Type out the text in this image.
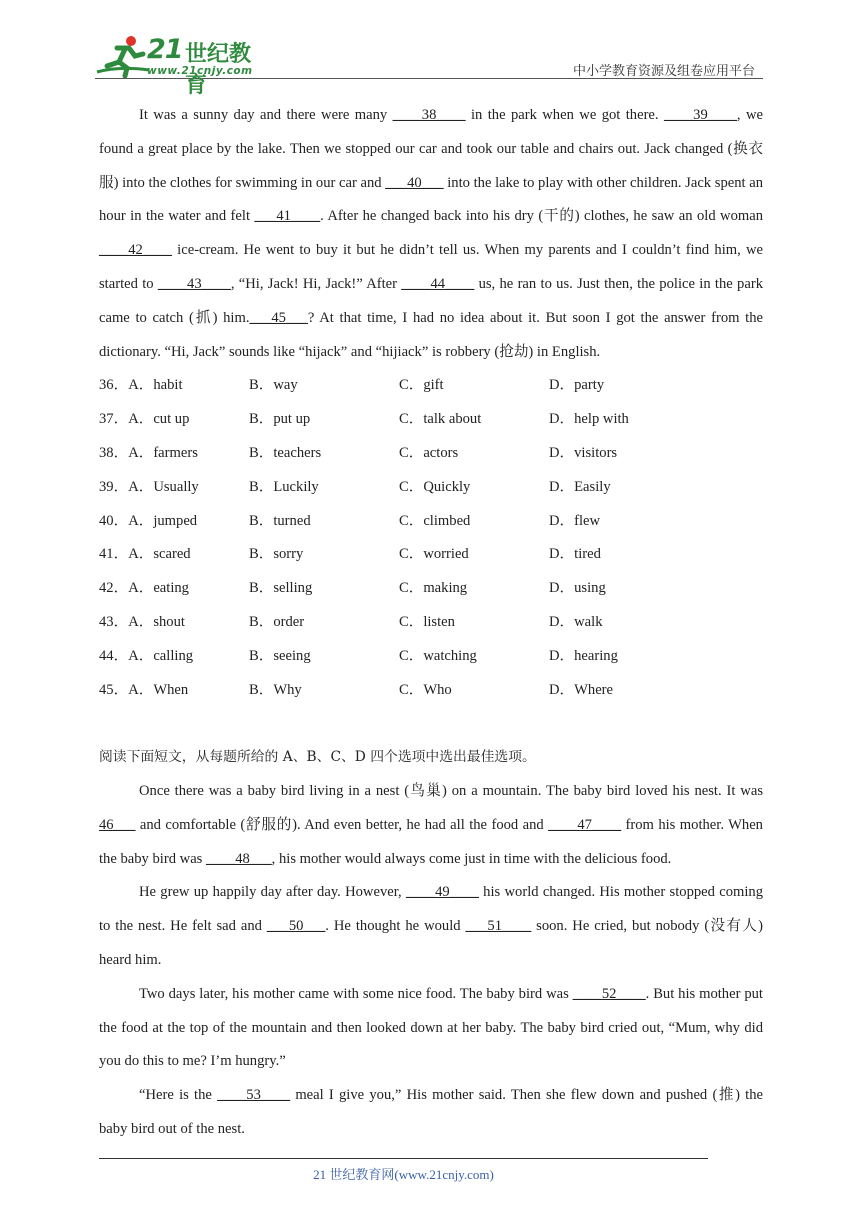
21 世纪教育
www.21cnjy.com	中小学教育资源及组卷应用平台

It was a sunny day and there were many ____38____ in the park when we got there. ____39____, we found a great place by the lake. Then we stopped our car and took our table and chairs out. Jack changed (换衣服) into the clothes for swimming in our car and ___40___ into the lake to play with other children. Jack spent an hour in the water and felt ___41____. After he changed back into his dry (干的) clothes, he saw an old woman ____42____ ice-cream. He went to buy it but he didn’t tell us. When my parents and I couldn’t find him, we started to ____43____, “Hi, Jack! Hi, Jack!” After ____44____ us, he ran to us. Just then, the police in the park came to catch (抓) him.___45___? At that time, I had no idea about it. But soon I got the answer from the dictionary. “Hi, Jack” sounds like “hijack” and “hijiack” is robbery (抢劫) in English.

36．A．habit	B．way	C．gift	D．party
37．A．cut up	B．put up	C．talk about	D．help with
38．A．farmers	B．teachers	C．actors	D．visitors
39．A．Usually	B．Luckily	C．Quickly	D．Easily
40．A．jumped	B．turned	C．climbed	D．flew
41．A．scared	B．sorry	C．worried	D．tired
42．A．eating	B．selling	C．making	D．using
43．A．shout	B．order	C．listen	D．walk
44．A．calling	B．seeing	C．watching	D．hearing
45．A．When	B．Why	C．Who	D．Where

阅读下面短文，从每题所给的 A、B、C、D 四个选项中选出最佳选项。

Once there was a baby bird living in a nest (鸟巢) on a mountain. The baby bird loved his nest. It was 46___ and comfortable (舒服的). And even better, he had all the food and ____47____ from his mother. When the baby bird was ____48___, his mother would always come just in time with the delicious food.

He grew up happily day after day. However, ____49____ his world changed. His mother stopped coming to the nest. He felt sad and ___50___. He thought he would ___51____ soon. He cried, but nobody (没有人) heard him.

Two days later, his mother came with some nice food. The baby bird was ____52____. But his mother put the food at the top of the mountain and then looked down at her baby. The baby bird cried out, “Mum, why did you do this to me? I’m hungry.”

“Here is the ____53____ meal I give you,” His mother said. Then she flew down and pushed (推) the baby bird out of the nest.

21 世纪教育网(www.21cnjy.com)
